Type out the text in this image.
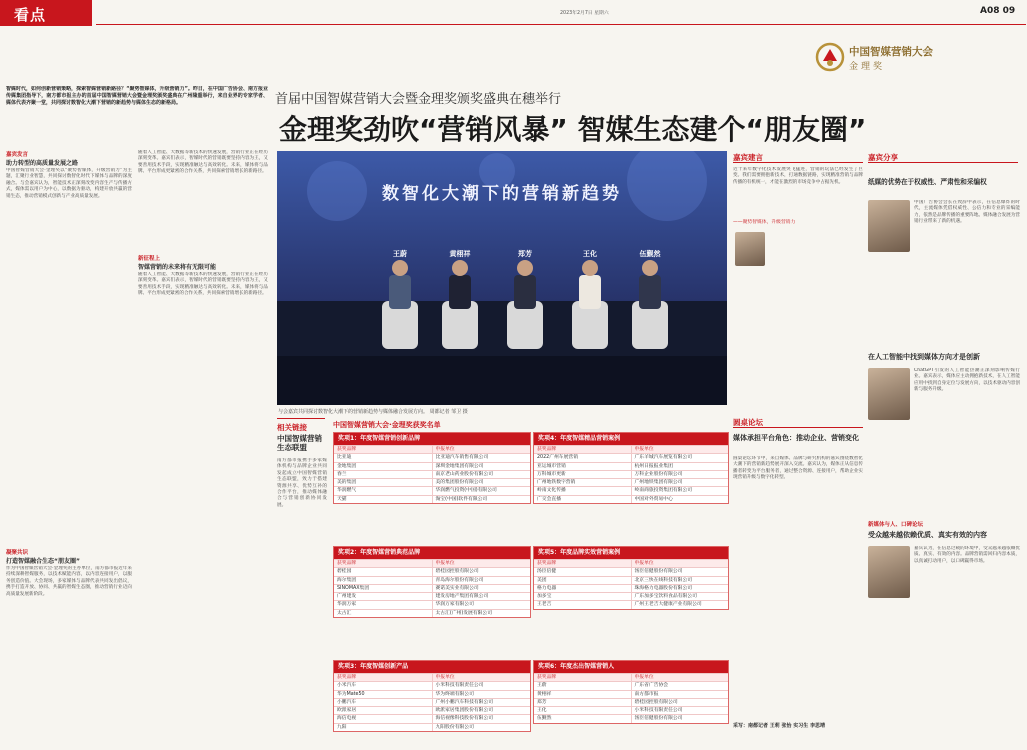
看点	2023年2月7日 星期六	A08 09
中国智媒营销大会
金理奖
智媒时代，如何创新营销策略，探索智媒营销新路径？“聚势智媒体，升级营销力”。昨日，在中国广告协会、南方报业传媒集团指导下，南方都市报主办的首届中国智媒营销大会暨金理奖颁奖盛典在广州隆重举行，来自业界的专家学者、媒体代表齐聚一堂，共同探讨数智化大潮下营销的新趋势与媒体生态的新格局。	首届中国智媒营销大会暨金理奖颁奖盛典在穗举行
金理奖劲吹“营销风暴” 智媒生态建个“朋友圈”
嘉宾发言
助力转型的高质量发展之路
中国智媒营销大会·金理奖以“聚势智媒体，升级营销力”为主题，汇聚行业智慧，共同探讨数智化时代下媒体与品牌的深度融合。与会嘉宾认为，智能技术正深刻改变内容生产与传播方式，媒体需以用户为中心，以数据为驱动，构建开放共赢的营销生态，推动营销模式创新与产业高质量发展。
凝聚共识
打造智媒融合生态“朋友圈”
作为中国智媒营销大会·金理奖的主办单位，南方都市报近年来持续深耕智媒服务，以技术赋能内容，以内容连接用户，以服务创造价值。大会现场，多家媒体与品牌代表共同发出倡议，携手打造开放、协同、共赢的智媒生态圈，推动营销行业迈向高质量发展新阶段。
随着人工智能、大数据等新技术的快速发展，营销行业正在经历深刻变革。嘉宾们表示，智媒时代的营销既要坚持内容为王，又要善用技术手段，实现精准触达与高效转化。未来，媒体将与品牌、平台形成更紧密的合作关系，共同探索营销增长的新路径。
新征程上
智媒营销的未来将有无限可能
随着人工智能、大数据等新技术的快速发展，营销行业正在经历深刻变革。嘉宾们表示，智媒时代的营销既要坚持内容为王，又要善用技术手段，实现精准触达与高效转化。未来，媒体将与品牌、平台形成更紧密的合作关系，共同探索营销增长的新路径。
数智化大潮下的营销新趋势
王蔚	黄栩祥	郑芳	王化	伍觐然
与会嘉宾共同探讨数智化大潮下的营销新趋势与媒体融合发展方向。 周都记者 邹卫 摄
相关链接
中国智媒营销生态联盟
南方都市报携手多家媒体机构与品牌企业共同发起成立中国智媒营销生态联盟，致力于搭建资源共享、优势互补的合作平台，推动媒体融合与营销创新协同发展。
中国智媒营销大会·金理奖获奖名单
奖项1：年度智媒营销创新品牌
获奖品牌	申报单位
比亚迪	比亚迪汽车销售有限公司
金地集团	深圳金地集团有限公司
春兰	南京老山药业股份有限公司
美的集团	美的集团股份有限公司
华润燃气	华润燃气投资(中国)有限公司
天猫	淘宝(中国)软件有限公司
奖项2：年度智媒营销典范品牌
获奖品牌	申报单位
碧桂园	碧桂园控股有限公司
海尔集团	青岛海尔股份有限公司
SINOMAX集团	赛诺美实业有限公司
广州建发	建发房地产集团有限公司
华润万家	华润万家有限公司
太古汇	太古汇(广州)发展有限公司
奖项3：年度智媒创新产品
获奖品牌	申报单位
小米汽车	小米科技有限责任公司
华为Mate50	华为终端有限公司
小鹏汽车	广州小鹏汽车科技有限公司
欧派家居	欧派家居集团股份有限公司
海信电视	海信视像科技股份有限公司
九阳	九阳股份有限公司
奖项4：年度智媒精品营销案例
获奖品牌	申报单位
2022广州车展营销	广东羊城汽车展览有限公司
亚运城市营销	杭州日报报业集团
万科城市更新	万科企业股份有限公司
广州地铁数字营销	广州地铁集团有限公司
岭南文化传播	岭南商旅投资集团有限公司
广交会直播	中国对外贸易中心
奖项5：年度品牌实效营销案例
获奖品牌	申报单位
汤臣倍健	汤臣倍健股份有限公司
美团	北京三快在线科技有限公司
格力电器	珠海格力电器股份有限公司
加多宝	广东加多宝饮料食品有限公司
王老吉	广州王老吉大健康产业有限公司
奖项6：年度杰出智媒营销人
获奖品牌	申报单位
王蔚	广东省广告协会
黄栩祥	南方都市报
郑芳	碧桂园控股有限公司
王化	小米科技有限责任公司
伍觐然	汤臣倍健股份有限公司
嘉宾建言
近十来年数字化技术发展突飞猛进，营销的玩法已经发生了巨变。我们需要拥抱新技术，打通数据链路，实现精准营销与品牌传播的有机统一，才能在激烈的市场竞争中占据先机。
——聚势智媒体，升级营销力
圆桌论坛
媒体承担平台角色：推动企业、营销变化
圆桌论坛环节中，来自媒体、品牌与研究机构的嘉宾围绕数智化大潮下的营销新趋势展开深入交流。嘉宾认为，媒体正从信息传播者转变为平台服务者，通过整合资源、连接用户，帮助企业实现营销升级与数字化转型。
采写：南都记者 王莉 张怡 实习生 李思靖
嘉宾分享
纸媒的优势在于权威性、严肃性和采编权
中国广告协会会长在致辞中表示，在信息爆炸的时代，主流媒体凭借权威性、公信力和专业的采编能力，依然是品牌传播的重要阵地。媒体融合发展为营销行业带来了新的机遇。
在人工智能中找到媒体方向才是创新
ChatGPT引发的人工智能热潮正深刻影响传媒行业。嘉宾表示，媒体应主动拥抱新技术，在人工智能应用中找到自身定位与发展方向，以技术驱动内容创新与服务升级。
新媒体与人、口碑论坛
受众越来越依赖优质、真实有效的内容
嘉宾认为，在信息过载的环境中，受众越来越依赖优质、真实、有效的内容。品牌营销需回归内容本质，以真诚打动用户，以口碑赢得市场。
